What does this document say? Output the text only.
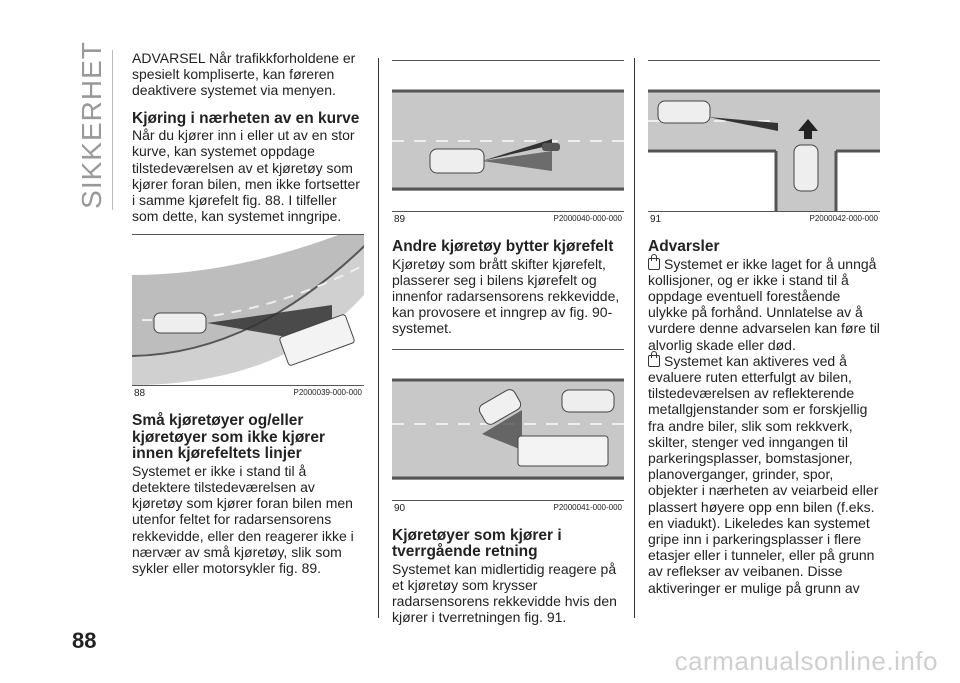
SIKKERHET
88

ADVARSEL Når trafikkforholdene er spesielt kompliserte, kan føreren deaktivere systemet via menyen.

Kjøring i nærheten av en kurve

Når du kjører inn i eller ut av en stor kurve, kan systemet oppdage tilstedeværelsen av et kjøretøy som kjører foran bilen, men ikke fortsetter i samme kjørefelt fig. 88. I tilfeller som dette, kan systemet inngripe.

88	P2000039-000-000
Små kjøretøyer og/eller kjøretøyer som ikke kjører innen kjørefeltets linjer

Systemet er ikke i stand til å detektere tilstedeværelsen av kjøretøy som kjører foran bilen men utenfor feltet for radarsensorens rekkevidde, eller den reagerer ikke i nærvær av små kjøretøy, slik som sykler eller motorsykler fig. 89.

89	P2000040-000-000
Andre kjøretøy bytter kjørefelt

Kjøretøy som brått skifter kjørefelt, plasserer seg i bilens kjørefelt og innenfor radarsensorens rekkevidde, kan provosere et inngrep av fig. 90- systemet.

90	P2000041-000-000
Kjøretøyer som kjører i tverrgående retning

Systemet kan midlertidig reagere på et kjøretøy som krysser radarsensorens rekkevidde hvis den kjører i tverretningen fig. 91.

91	P2000042-000-000
Advarsler

Systemet er ikke laget for å unngå kollisjoner, og er ikke i stand til å oppdage eventuell forestående ulykke på forhånd. Unnlatelse av å vurdere denne advarselen kan føre til alvorlig skade eller død.

Systemet kan aktiveres ved å evaluere ruten etterfulgt av bilen, tilstedeværelsen av reflekterende metallgjenstander som er forskjellig fra andre biler, slik som rekkverk, skilter, stenger ved inngangen til parkeringsplasser, bomstasjoner, planoverganger, grinder, spor, objekter i nærheten av veiarbeid eller plassert høyere opp enn bilen (f.eks. en viadukt). Likeledes kan systemet gripe inn i parkeringsplasser i flere etasjer eller i tunneler, eller på grunn av reflekser av veibanen. Disse aktiveringer er mulige på grunn av

carmanualsonline.info
